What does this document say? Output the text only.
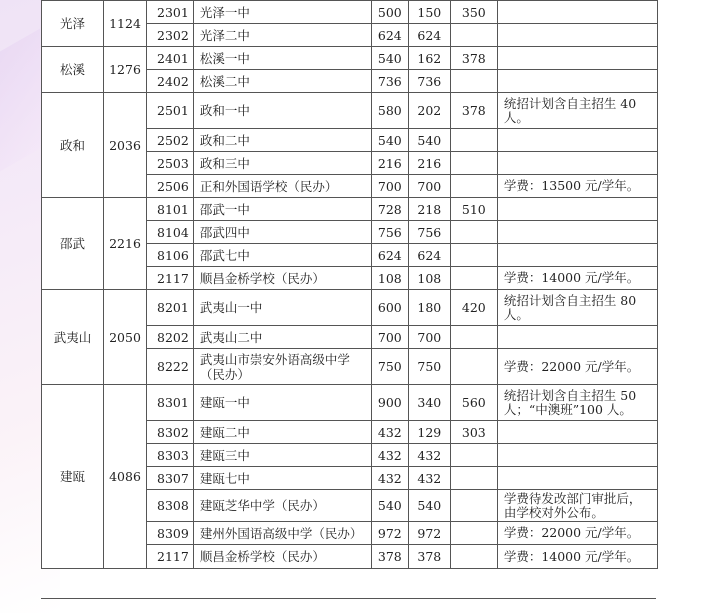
光泽	1124	2301	光泽一中	500	150	350	
		2302	光泽二中	624	624		
松溪	1276	2401	松溪一中	540	162	378	
		2402	松溪二中	736	736		
政和	2036	2501	政和一中	580	202	378	统招计划含自主招生 40 人。
		2502	政和二中	540	540		
		2503	政和三中	216	216		
		2506	正和外国语学校（民办）	700	700		学费：13500 元/学年。
邵武	2216	8101	邵武一中	728	218	510	
		8104	邵武四中	756	756		
		8106	邵武七中	624	624		
		2117	顺昌金桥学校（民办）	108	108		学费：14000 元/学年。
武夷山	2050	8201	武夷山一中	600	180	420	统招计划含自主招生 80 人。
		8202	武夷山二中	700	700		
		8222	武夷山市崇安外语高级中学（民办）	750	750		学费：22000 元/学年。
建瓯	4086	8301	建瓯一中	900	340	560	统招计划含自主招生 50 人；“中澳班”100 人。
		8302	建瓯二中	432	129	303	
		8303	建瓯三中	432	432		
		8307	建瓯七中	432	432		
		8308	建瓯芝华中学（民办）	540	540		学费待发改部门审批后，由学校对外公布。
		8309	建州外国语高级中学（民办）	972	972		学费：22000 元/学年。
		2117	顺昌金桥学校（民办）	378	378		学费：14000 元/学年。
